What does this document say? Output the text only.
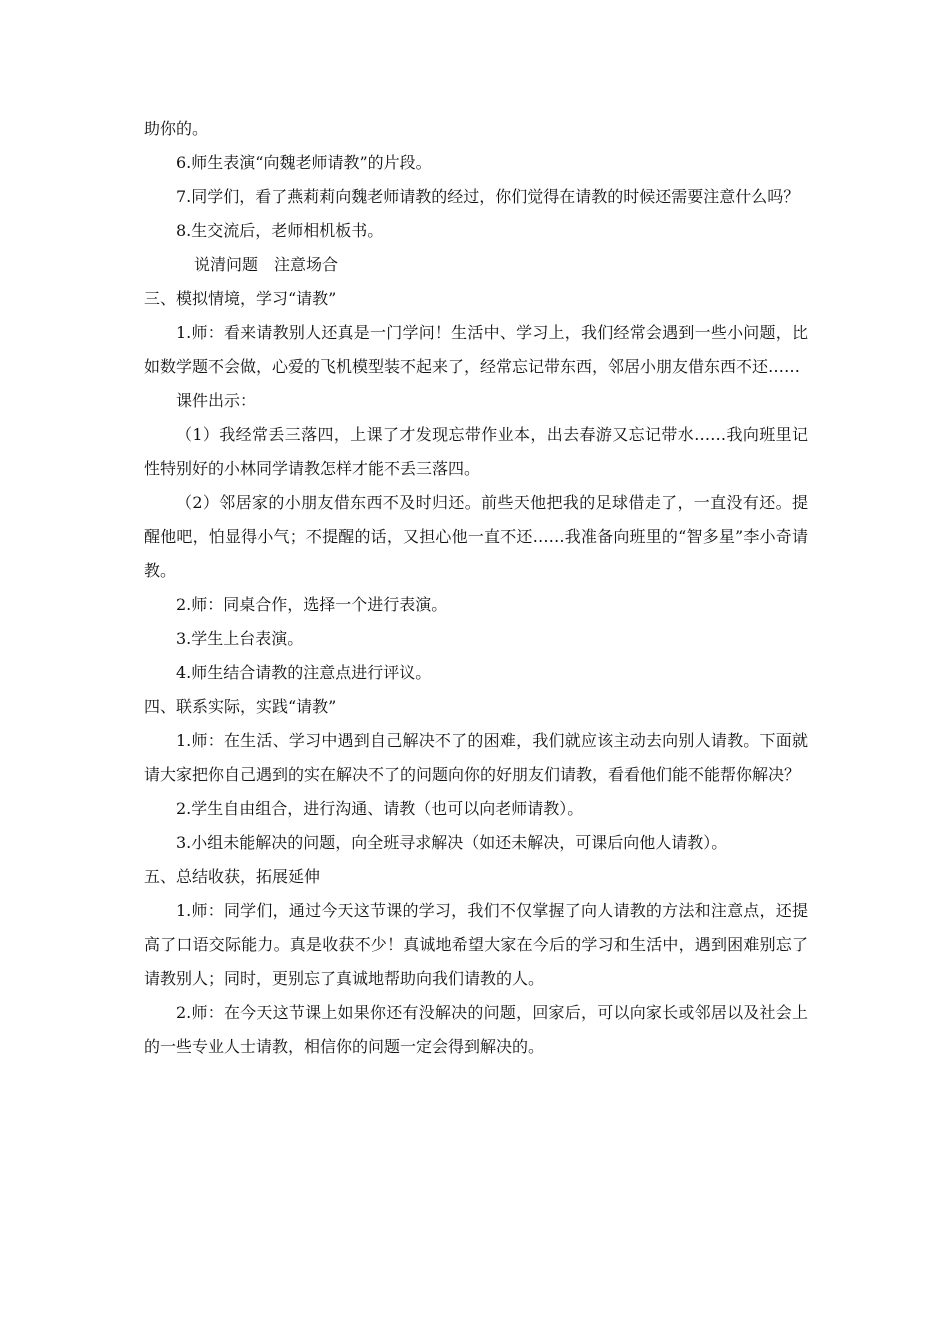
助你的。

6.师生表演“向魏老师请教”的片段。

7.同学们，看了燕莉莉向魏老师请教的经过，你们觉得在请教的时候还需要注意什么吗？

8.生交流后，老师相机板书。

说清问题　注意场合

三、模拟情境，学习“请教”

1.师：看来请教别人还真是一门学问！生活中、学习上，我们经常会遇到一些小问题，比如数学题不会做，心爱的飞机模型装不起来了，经常忘记带东西，邻居小朋友借东西不还……

课件出示：

（1）我经常丢三落四，上课了才发现忘带作业本，出去春游又忘记带水……我向班里记性特别好的小林同学请教怎样才能不丢三落四。

（2）邻居家的小朋友借东西不及时归还。前些天他把我的足球借走了，一直没有还。提醒他吧，怕显得小气；不提醒的话，又担心他一直不还……我准备向班里的“智多星”李小奇请教。

2.师：同桌合作，选择一个进行表演。

3.学生上台表演。

4.师生结合请教的注意点进行评议。

四、联系实际，实践“请教”

1.师：在生活、学习中遇到自己解决不了的困难，我们就应该主动去向别人请教。下面就请大家把你自己遇到的实在解决不了的问题向你的好朋友们请教，看看他们能不能帮你解决？

2.学生自由组合，进行沟通、请教（也可以向老师请教）。

3.小组未能解决的问题，向全班寻求解决（如还未解决，可课后向他人请教）。

五、总结收获，拓展延伸

1.师：同学们，通过今天这节课的学习，我们不仅掌握了向人请教的方法和注意点，还提高了口语交际能力。真是收获不少！真诚地希望大家在今后的学习和生活中，遇到困难别忘了请教别人；同时，更别忘了真诚地帮助向我们请教的人。

2.师：在今天这节课上如果你还有没解决的问题，回家后，可以向家长或邻居以及社会上的一些专业人士请教，相信你的问题一定会得到解决的。
